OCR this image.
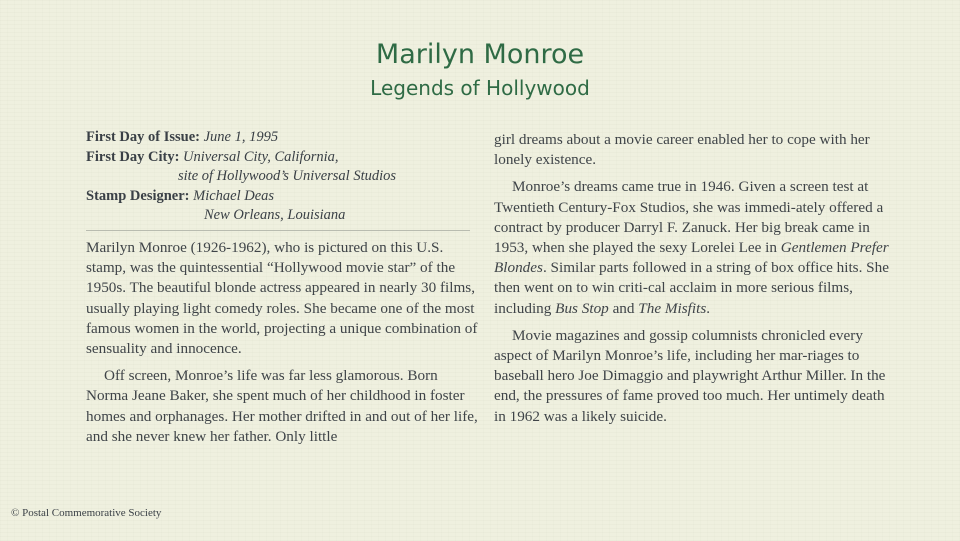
Marilyn Monroe
Legends of Hollywood
First Day of Issue: June 1, 1995
First Day City: Universal City, California,
site of Hollywood’s Universal Studios
Stamp Designer: Michael Deas
New Orleans, Louisiana

Marilyn Monroe (1926-1962), who is pictured on this U.S. stamp, was the quintessential “Hollywood movie star” of the 1950s. The beautiful blonde actress appeared in nearly 30 films, usually playing light comedy roles. She became one of the most famous women in the world, projecting a unique combination of sensuality and innocence.

Off screen, Monroe’s life was far less glamorous. Born Norma Jeane Baker, she spent much of her childhood in foster homes and orphanages. Her mother drifted in and out of her life, and she never knew her father. Only little

girl dreams about a movie career enabled her to cope with her lonely existence.

Monroe’s dreams came true in 1946. Given a screen test at Twentieth Century-Fox Studios, she was immedi-ately offered a contract by producer Darryl F. Zanuck. Her big break came in 1953, when she played the sexy Lorelei Lee in Gentlemen Prefer Blondes. Similar parts followed in a string of box office hits. She then went on to win criti-cal acclaim in more serious films, including Bus Stop and The Misfits.

Movie magazines and gossip columnists chronicled every aspect of Marilyn Monroe’s life, including her mar-riages to baseball hero Joe Dimaggio and playwright Arthur Miller. In the end, the pressures of fame proved too much. Her untimely death in 1962 was a likely suicide.

© Postal Commemorative Society
